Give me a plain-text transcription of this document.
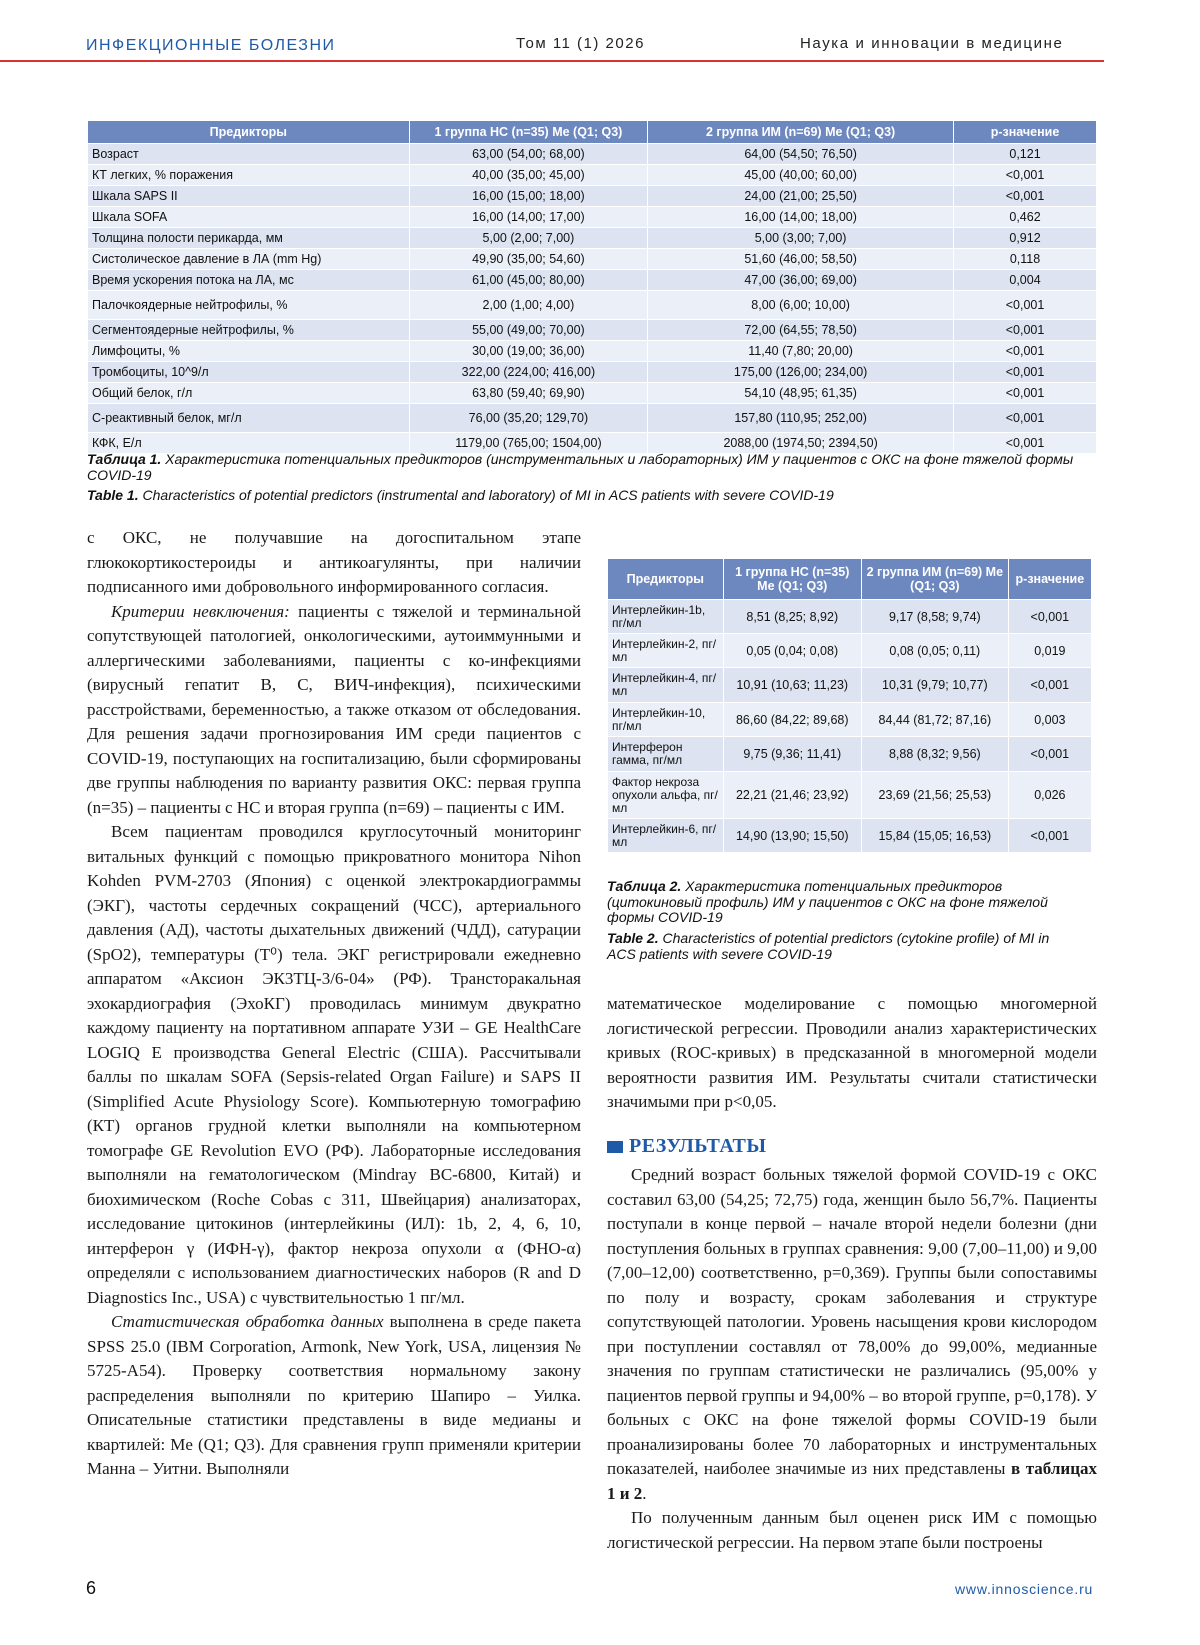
ИНФЕКЦИОННЫЕ БОЛЕЗНИ	Том 11 (1) 2026	Наука и инновации в медицине
Предикторы	1 группа НС (n=35) Me (Q1; Q3)	2 группа ИМ (n=69) Me (Q1; Q3)	р-значение
Возраст	63,00 (54,00; 68,00)	64,00 (54,50; 76,50)	0,121
КТ легких, % поражения	40,00 (35,00; 45,00)	45,00 (40,00; 60,00)	<0,001
Шкала SAPS II	16,00 (15,00; 18,00)	24,00 (21,00; 25,50)	<0,001
Шкала SOFA	16,00 (14,00; 17,00)	16,00 (14,00; 18,00)	0,462
Толщина полости перикарда, мм	5,00 (2,00; 7,00)	5,00 (3,00; 7,00)	0,912
Систолическое давление в ЛА (mm Hg)	49,90 (35,00; 54,60)	51,60 (46,00; 58,50)	0,118
Время ускорения потока на ЛА, мс	61,00 (45,00; 80,00)	47,00 (36,00; 69,00)	0,004
Палочкоядерные нейтрофилы, %	2,00 (1,00; 4,00)	8,00 (6,00; 10,00)	<0,001
Сегментоядерные нейтрофилы, %	55,00 (49,00; 70,00)	72,00 (64,55; 78,50)	<0,001
Лимфоциты, %	30,00 (19,00; 36,00)	11,40 (7,80; 20,00)	<0,001
Тромбоциты, 10^9/л	322,00 (224,00; 416,00)	175,00 (126,00; 234,00)	<0,001
Общий белок, г/л	63,80 (59,40; 69,90)	54,10 (48,95; 61,35)	<0,001
С-реактивный белок, мг/л	76,00 (35,20; 129,70)	157,80 (110,95; 252,00)	<0,001
КФК, Е/л	1179,00 (765,00; 1504,00)	2088,00 (1974,50; 2394,50)	<0,001
Таблица 1. Характеристика потенциальных предикторов (инструментальных и лабораторных) ИМ у пациентов с ОКС на фоне тяжелой формы COVID-19
Table 1. Characteristics of potential predictors (instrumental and laboratory) of MI in ACS patients with severe COVID-19

с ОКС, не получавшие на догоспитальном этапе глюкокортикостероиды и антикоагулянты, при наличии подписанного ими добровольного информированного согласия.

Критерии невключения: пациенты с тяжелой и терминальной сопутствующей патологией, онкологическими, аутоиммунными и аллергическими заболеваниями, пациенты с ко-инфекциями (вирусный гепатит B, C, ВИЧ-инфекция), психическими расстройствами, беременностью, а также отказом от обследования. Для решения задачи прогнозирования ИМ среди пациентов с COVID-19, поступающих на госпитализацию, были сформированы две группы наблюдения по варианту развития ОКС: первая группа (n=35) – пациенты с НС и вторая группа (n=69) – пациенты с ИМ.

Всем пациентам проводился круглосуточный мониторинг витальных функций с помощью прикроватного монитора Nihon Kohden PVM-2703 (Япония) с оценкой электрокардиограммы (ЭКГ), частоты сердечных сокращений (ЧСС), артериального давления (АД), частоты дыхательных движений (ЧДД), сатурации (SpO2), температуры (Т⁰) тела. ЭКГ регистрировали ежедневно аппаратом «Аксион ЭК3ТЦ-3/6-04» (РФ). Трансторакальная эхокардиография (ЭхоКГ) проводилась минимум двукратно каждому пациенту на портативном аппарате УЗИ – GE HealthCare LOGIQ E производства General Electric (США). Рассчитывали баллы по шкалам SOFA (Sepsis-related Organ Failure) и SAPS II (Simplified Acute Physiology Score). Компьютерную томографию (КТ) органов грудной клетки выполняли на компьютерном томографе GE Revolution EVO (РФ). Лабораторные исследования выполняли на гематологическом (Mindray BC-6800, Китай) и биохимическом (Roche Cobas c 311, Швейцария) анализаторах, исследование цитокинов (интерлейкины (ИЛ): 1b, 2, 4, 6, 10, интерферон γ (ИФН-γ), фактор некроза опухоли α (ФНО-α) определяли с использованием диагностических наборов (R and D Diagnostics Inc., USA) с чувствительностью 1 пг/мл.

Статистическая обработка данных выполнена в среде пакета SPSS 25.0 (IBM Corporation, Armonk, New York, USA, лицензия № 5725-A54). Проверку соответствия нормальному закону распределения выполняли по критерию Шапиро – Уилка. Описательные статистики представлены в виде медианы и квартилей: Me (Q1; Q3). Для сравнения групп применяли критерии Манна – Уитни. Выполняли

Предикторы	1 группа НС (n=35) Me (Q1; Q3)	2 группа ИМ (n=69) Me (Q1; Q3)	р-значение
Интерлейкин-1b, пг/мл	8,51 (8,25; 8,92)	9,17 (8,58; 9,74)	<0,001
Интерлейкин-2, пг/мл	0,05 (0,04; 0,08)	0,08 (0,05; 0,11)	0,019
Интерлейкин-4, пг/мл	10,91 (10,63; 11,23)	10,31 (9,79; 10,77)	<0,001
Интерлейкин-10, пг/мл	86,60 (84,22; 89,68)	84,44 (81,72; 87,16)	0,003
Интерферон гамма, пг/мл	9,75 (9,36; 11,41)	8,88 (8,32; 9,56)	<0,001
Фактор некроза опухоли альфа, пг/мл	22,21 (21,46; 23,92)	23,69 (21,56; 25,53)	0,026
Интерлейкин-6, пг/мл	14,90 (13,90; 15,50)	15,84 (15,05; 16,53)	<0,001
Таблица 2. Характеристика потенциальных предикторов (цитокиновый профиль) ИМ у пациентов с ОКС на фоне тяжелой формы COVID-19
Table 2. Characteristics of potential predictors (cytokine profile) of MI in ACS patients with severe COVID-19

математическое моделирование с помощью многомерной логистической регрессии. Проводили анализ характеристических кривых (ROC-кривых) в предсказанной в многомерной модели вероятности развития ИМ. Результаты считали статистически значимыми при p<0,05.

РЕЗУЛЬТАТЫ

Средний возраст больных тяжелой формой COVID-19 с ОКС составил 63,00 (54,25; 72,75) года, женщин было 56,7%. Пациенты поступали в конце первой – начале второй недели болезни (дни поступления больных в группах сравнения: 9,00 (7,00–11,00) и 9,00 (7,00–12,00) соответственно, p=0,369). Группы были сопоставимы по полу и возрасту, срокам заболевания и структуре сопутствующей патологии. Уровень насыщения крови кислородом при поступлении составлял от 78,00% до 99,00%, медианные значения по группам статистически не различались (95,00% у пациентов первой группы и 94,00% – во второй группе, p=0,178). У больных с ОКС на фоне тяжелой формы COVID-19 были проанализированы более 70 лабораторных и инструментальных показателей, наиболее значимые из них представлены в таблицах 1 и 2.

По полученным данным был оценен риск ИМ с помощью логистической регрессии. На первом этапе были построены

6	www.innoscience.ru
